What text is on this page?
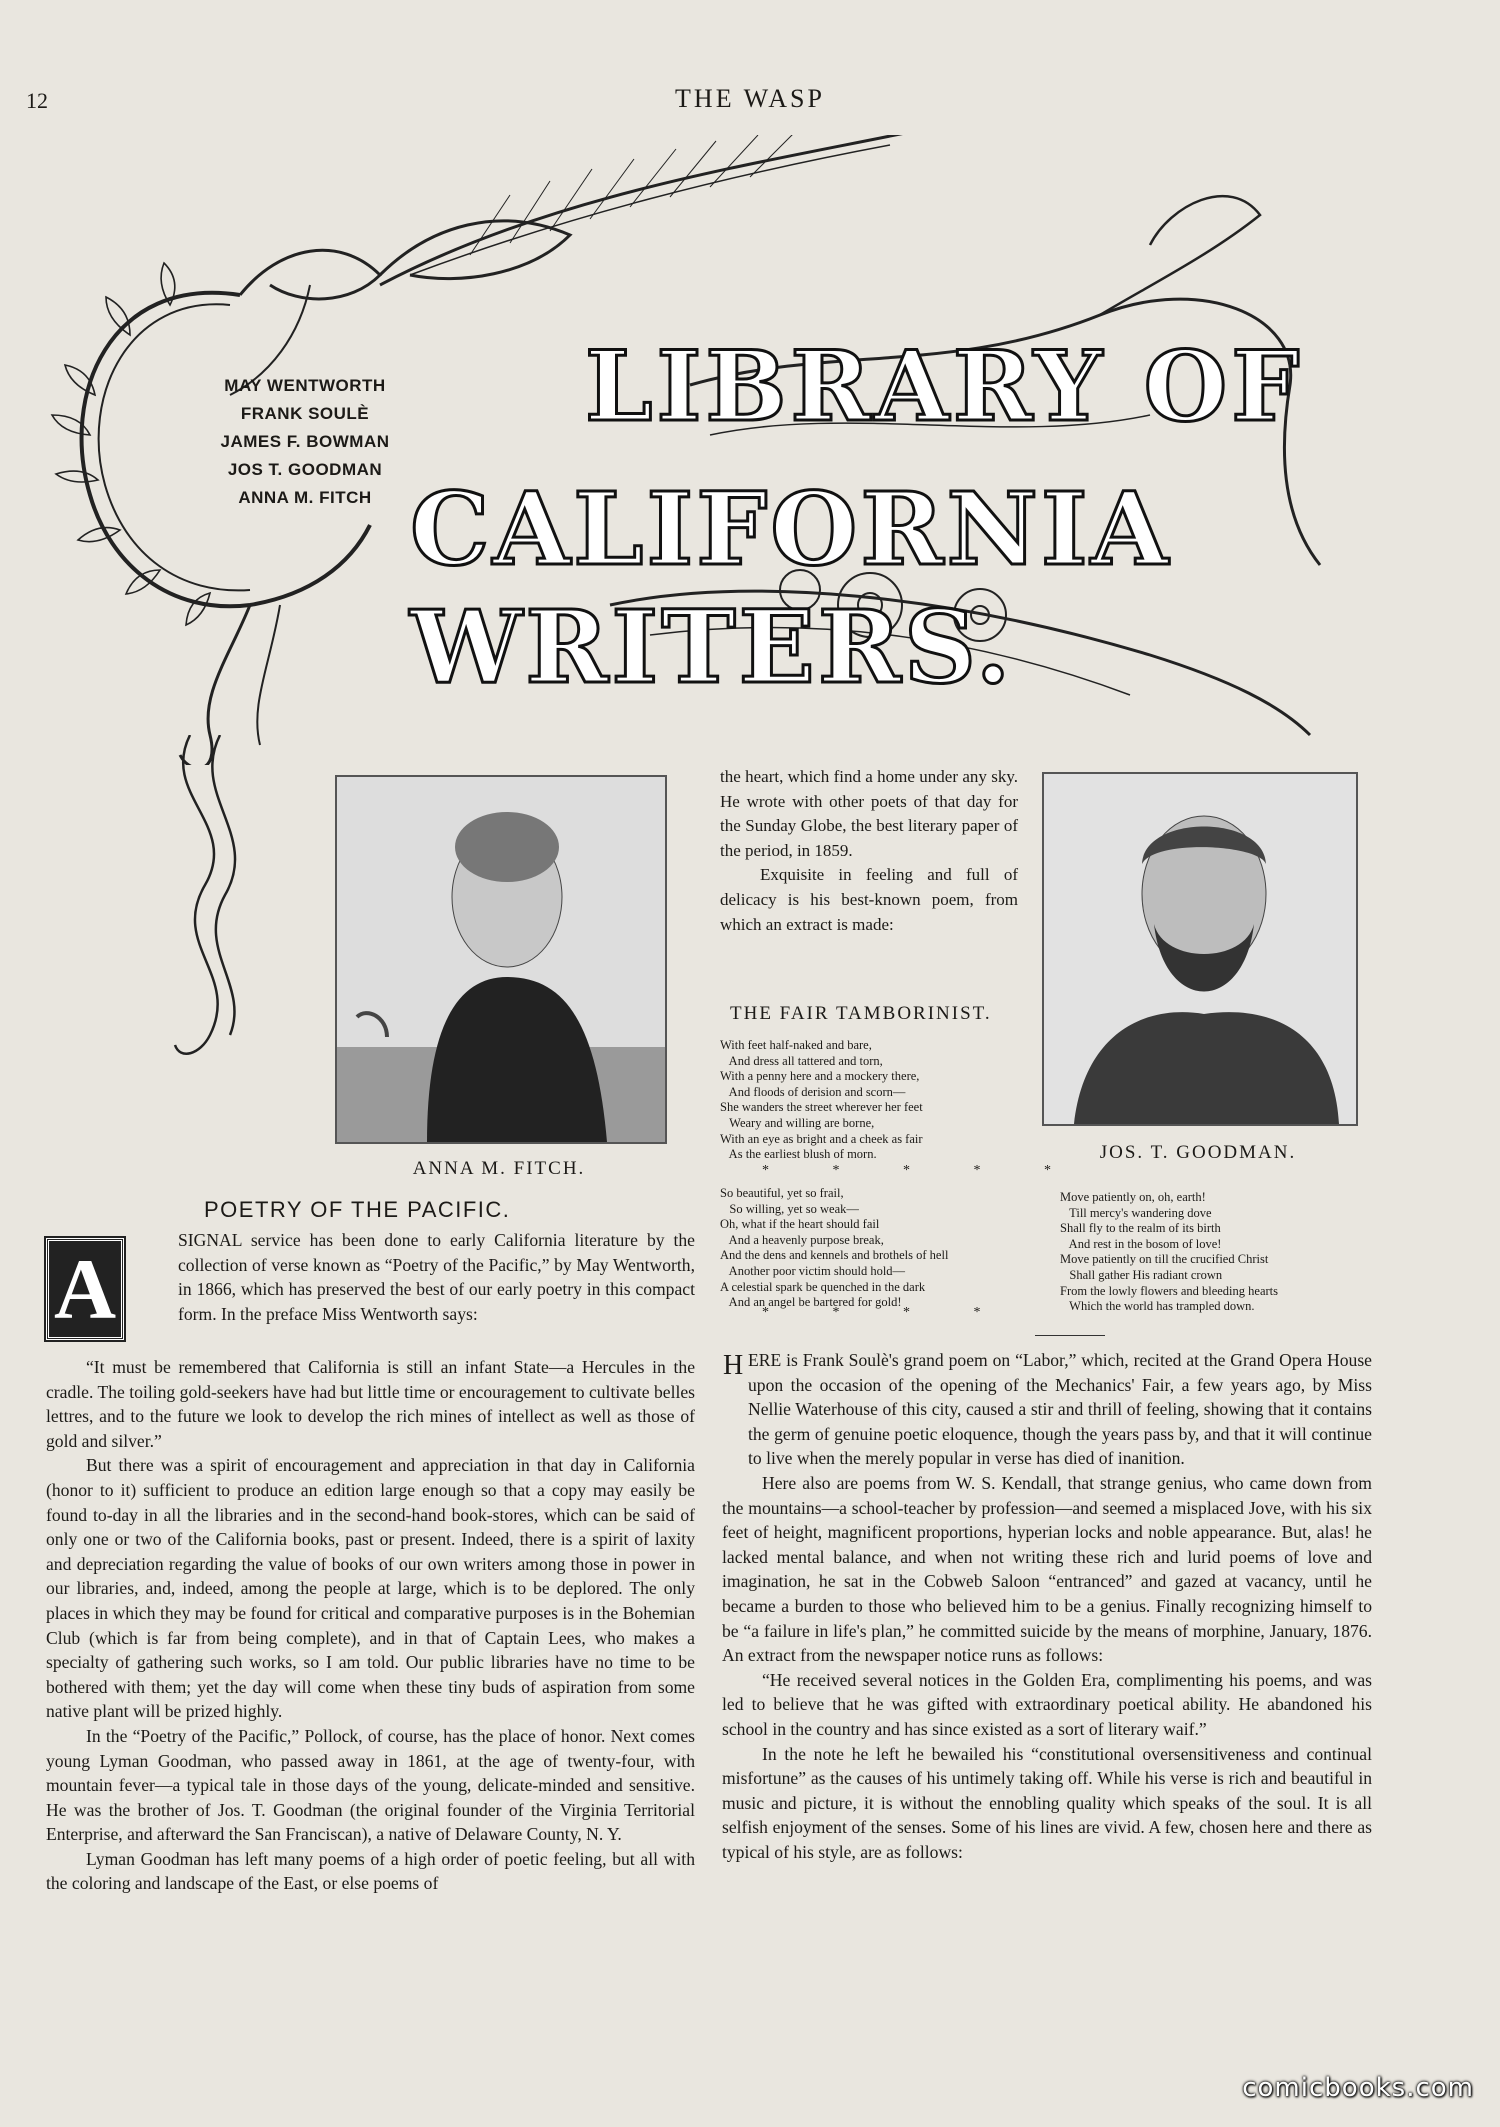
12	THE WASP
MAY WENTWORTH
FRANK SOULÈ
JAMES F. BOWMAN
JOS T. GOODMAN
ANNA M. FITCH
LIBRARY OF
CALIFORNIA WRITERS.
ANNA M. FITCH.
JOS. T. GOODMAN.
POETRY OF THE PACIFIC.
A

SIGNAL service has been done to early California literature by the collection of verse known as “Poetry of the Pacific,” by May Wentworth, in 1866, which has preserved the best of our early poetry in this compact form. In the preface Miss Wentworth says:

“It must be remembered that California is still an infant State—a Hercules in the cradle. The toiling gold-seekers have had but little time or encouragement to cultivate belles lettres, and to the future we look to develop the rich mines of intellect as well as those of gold and silver.”

But there was a spirit of encouragement and appreciation in that day in California (honor to it) sufficient to produce an edition large enough so that a copy may easily be found to-day in all the libraries and in the second-hand book-stores, which can be said of only one or two of the California books, past or present. Indeed, there is a spirit of laxity and depreciation regarding the value of books of our own writers among those in power in our libraries, and, indeed, among the people at large, which is to be deplored. The only places in which they may be found for critical and comparative purposes is in the Bohemian Club (which is far from being complete), and in that of Captain Lees, who makes a specialty of gathering such works, so I am told. Our public libraries have no time to be bothered with them; yet the day will come when these tiny buds of aspiration from some native plant will be prized highly.

In the “Poetry of the Pacific,” Pollock, of course, has the place of honor. Next comes young Lyman Goodman, who passed away in 1861, at the age of twenty-four, with mountain fever—a typical tale in those days of the young, delicate-minded and sensitive. He was the brother of Jos. T. Goodman (the original founder of the Virginia Territorial Enterprise, and afterward the San Franciscan), a native of Delaware County, N. Y.

Lyman Goodman has left many poems of a high order of poetic feeling, but all with the coloring and landscape of the East, or else poems of

the heart, which find a home under any sky. He wrote with other poets of that day for the Sunday Globe, the best literary paper of the period, in 1859.

Exquisite in feeling and full of delicacy is his best-known poem, from which an extract is made:

THE FAIR TAMBORINIST.
With feet half-naked and bare,
And dress all tattered and torn,
With a penny here and a mockery there,
And floods of derision and scorn—
She wanders the street wherever her feet
Weary and willing are borne,
With an eye as bright and a cheek as fair
As the earliest blush of morn.
* * * * *
So beautiful, yet so frail,
So willing, yet so weak—
Oh, what if the heart should fail
And a heavenly purpose break,
And the dens and kennels and brothels of hell
Another poor victim should hold—
A celestial spark be quenched in the dark
And an angel be bartered for gold!
* * * *
Move patiently on, oh, earth!
Till mercy's wandering dove
Shall fly to the realm of its birth
And rest in the bosom of love!
Move patiently on till the crucified Christ
Shall gather His radiant crown
From the lowly flowers and bleeding hearts
Which the world has trampled down.
H ERE is Frank Soulè's grand poem on “Labor,” which, recited at the Grand Opera House upon the occasion of the opening of the Mechanics' Fair, a few years ago, by Miss Nellie Waterhouse of this city, caused a stir and thrill of feeling, showing that it contains the germ of genuine poetic eloquence, though the years pass by, and that it will continue to live when the merely popular in verse has died of inanition.

Here also are poems from W. S. Kendall, that strange genius, who came down from the mountains—a school-teacher by profession—and seemed a misplaced Jove, with his six feet of height, magnificent proportions, hyperian locks and noble appearance. But, alas! he lacked mental balance, and when not writing these rich and lurid poems of love and imagination, he sat in the Cobweb Saloon “entranced” and gazed at vacancy, until he became a burden to those who believed him to be a genius. Finally recognizing himself to be “a failure in life's plan,” he committed suicide by the means of morphine, January, 1876. An extract from the newspaper notice runs as follows:

“He received several notices in the Golden Era, complimenting his poems, and was led to believe that he was gifted with extraordinary poetical ability. He abandoned his school in the country and has since existed as a sort of literary waif.”

In the note he left he bewailed his “constitutional oversensitiveness and continual misfortune” as the causes of his untimely taking off. While his verse is rich and beautiful in music and picture, it is without the ennobling quality which speaks of the soul. It is all selfish enjoyment of the senses. Some of his lines are vivid. A few, chosen here and there as typical of his style, are as follows:

comicbooks.com
